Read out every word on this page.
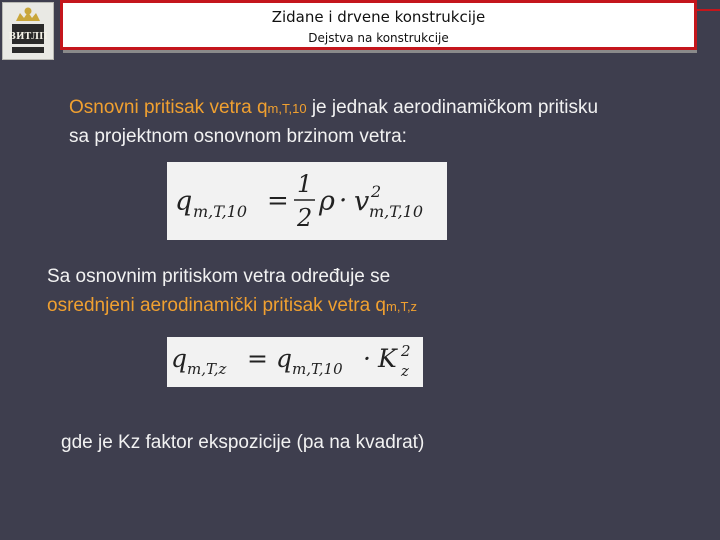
ВИТЛП
Zidane i drvene konstrukcije
Dejstva na konstrukcije
Osnovni pritisak vetra qm,T,10 je jednak aerodinamičkom pritisku
sa projektnom osnovnom brzinom vetra:
q m,T,10 =
1
2
ρ · v 2
m,T,10
Sa osnovnim pritiskom vetra određuje se
osrednjeni aerodinamički pritisak vetra qm,T,z
q m,T,z = q m,T,10 · K 2
z
gde je Kz faktor ekspozicije (pa na kvadrat)
